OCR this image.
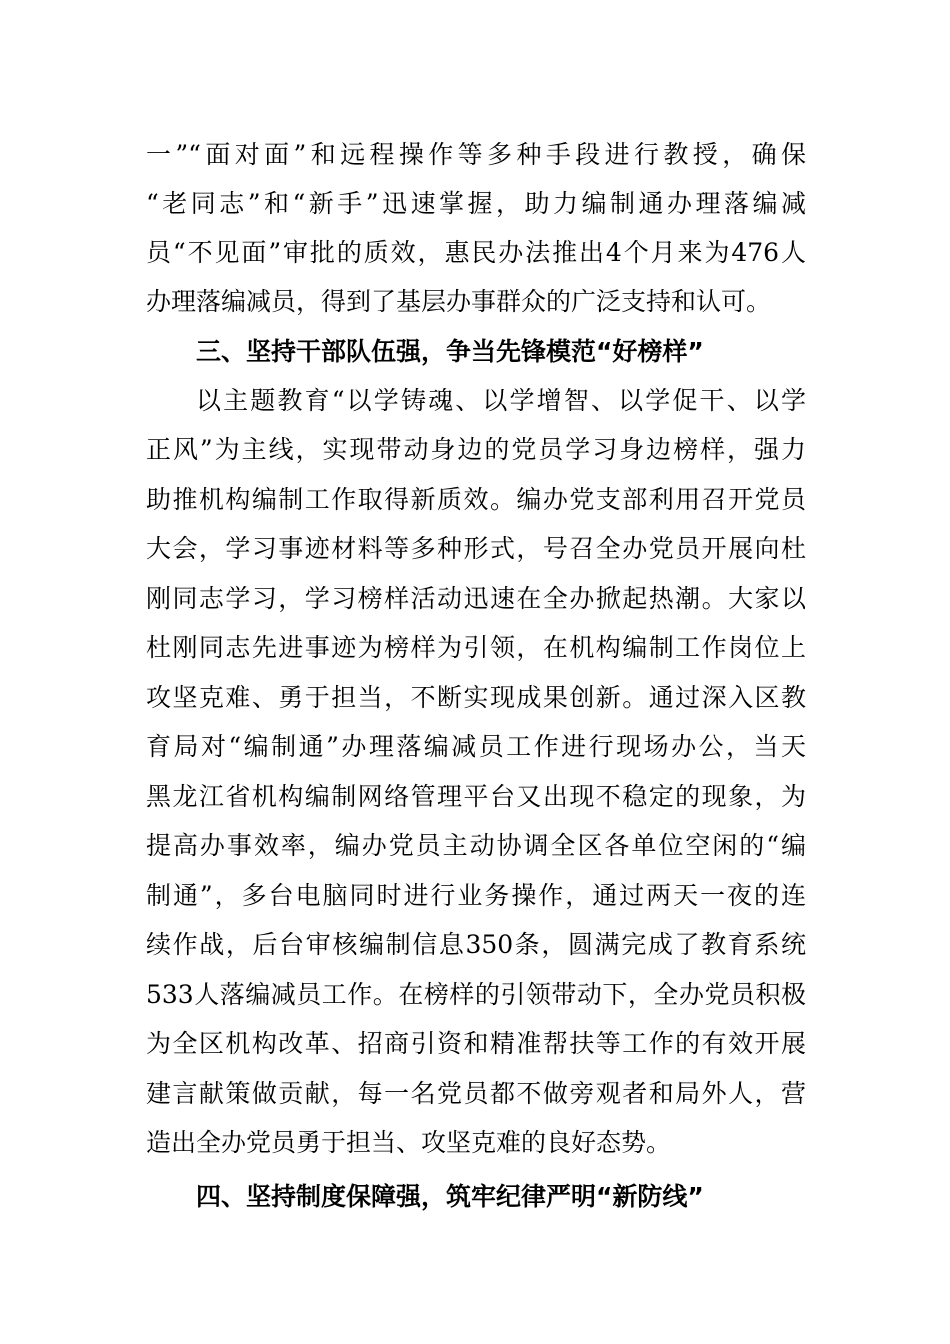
一”“面对面”和远程操作等多种手段进行教授，确保
“老同志”和“新手”迅速掌握，助力编制通办理落编减
员“不见面”审批的质效，惠民办法推出4个月来为476人
办理落编减员，得到了基层办事群众的广泛支持和认可。
三、坚持干部队伍强，争当先锋模范“好榜样”
以主题教育“以学铸魂、以学增智、以学促干、以学
正风”为主线，实现带动身边的党员学习身边榜样，强力
助推机构编制工作取得新质效。编办党支部利用召开党员
大会，学习事迹材料等多种形式，号召全办党员开展向杜
刚同志学习，学习榜样活动迅速在全办掀起热潮。大家以
杜刚同志先进事迹为榜样为引领，在机构编制工作岗位上
攻坚克难、勇于担当，不断实现成果创新。通过深入区教
育局对“编制通”办理落编减员工作进行现场办公，当天
黑龙江省机构编制网络管理平台又出现不稳定的现象，为
提高办事效率，编办党员主动协调全区各单位空闲的“编
制通”，多台电脑同时进行业务操作，通过两天一夜的连
续作战，后台审核编制信息350条，圆满完成了教育系统
533人落编减员工作。在榜样的引领带动下，全办党员积极
为全区机构改革、招商引资和精准帮扶等工作的有效开展
建言献策做贡献，每一名党员都不做旁观者和局外人，营
造出全办党员勇于担当、攻坚克难的良好态势。
四、坚持制度保障强，筑牢纪律严明“新防线”
